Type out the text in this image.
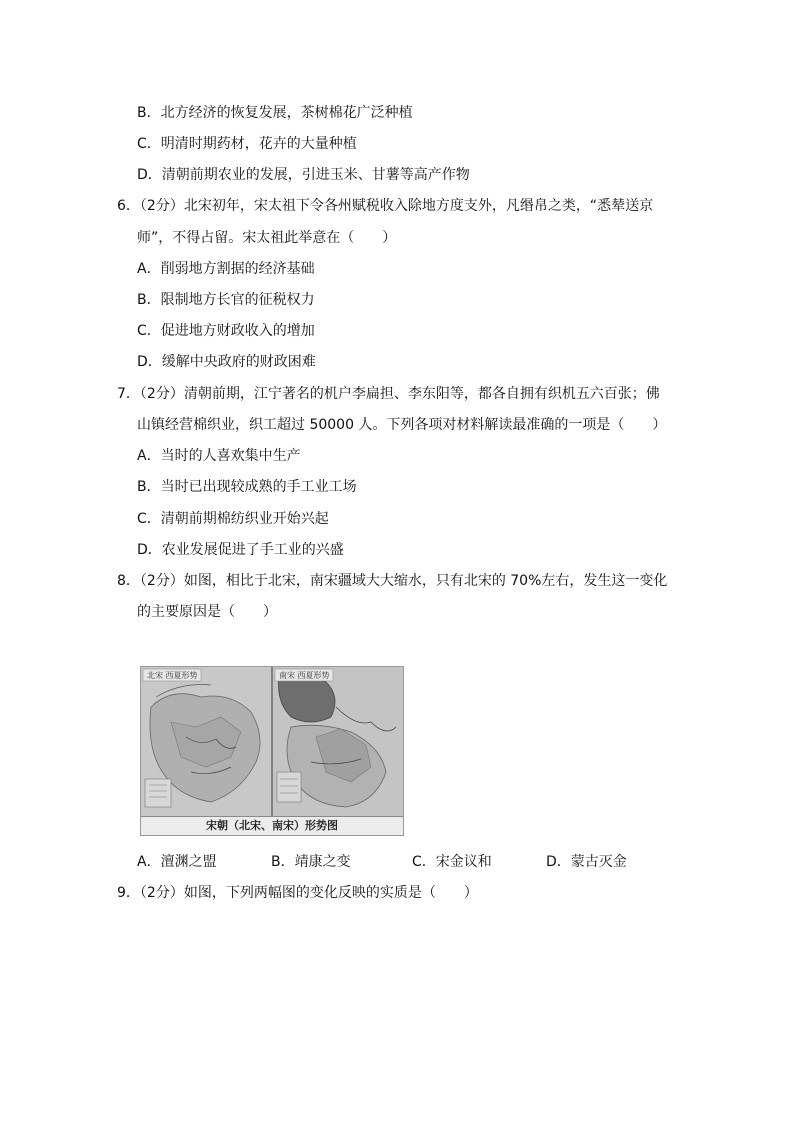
B．北方经济的恢复发展，茶树棉花广泛种植
C．明清时期药材，花卉的大量种植
D．清朝前期农业的发展，引进玉米、甘薯等高产作物
6．（2分）北宋初年，宋太祖下令各州赋税收入除地方度支外，凡缗帛之类，“悉辇送京
师”，不得占留。宋太祖此举意在（　　）
A．削弱地方割据的经济基础
B．限制地方长官的征税权力
C．促进地方财政收入的增加
D．缓解中央政府的财政困难
7．（2分）清朝前期，江宁著名的机户李扁担、李东阳等，都各自拥有织机五六百张；佛
山镇经营棉织业，织工超过 50000 人。下列各项对材料解读最准确的一项是（　　）
A．当时的人喜欢集中生产
B．当时已出现较成熟的手工业工场
C．清朝前期棉纺织业开始兴起
D．农业发展促进了手工业的兴盛
8．（2分）如图，相比于北宋，南宋疆域大大缩水，只有北宋的 70%左右，发生这一变化
的主要原因是（　　）
北宋 西夏形势	南宋 西夏形势
宋朝（北宋、南宋）形势图
A．澶渊之盟	B．靖康之变	C．宋金议和	D．蒙古灭金
9．（2分）如图，下列两幅图的变化反映的实质是（　　）
